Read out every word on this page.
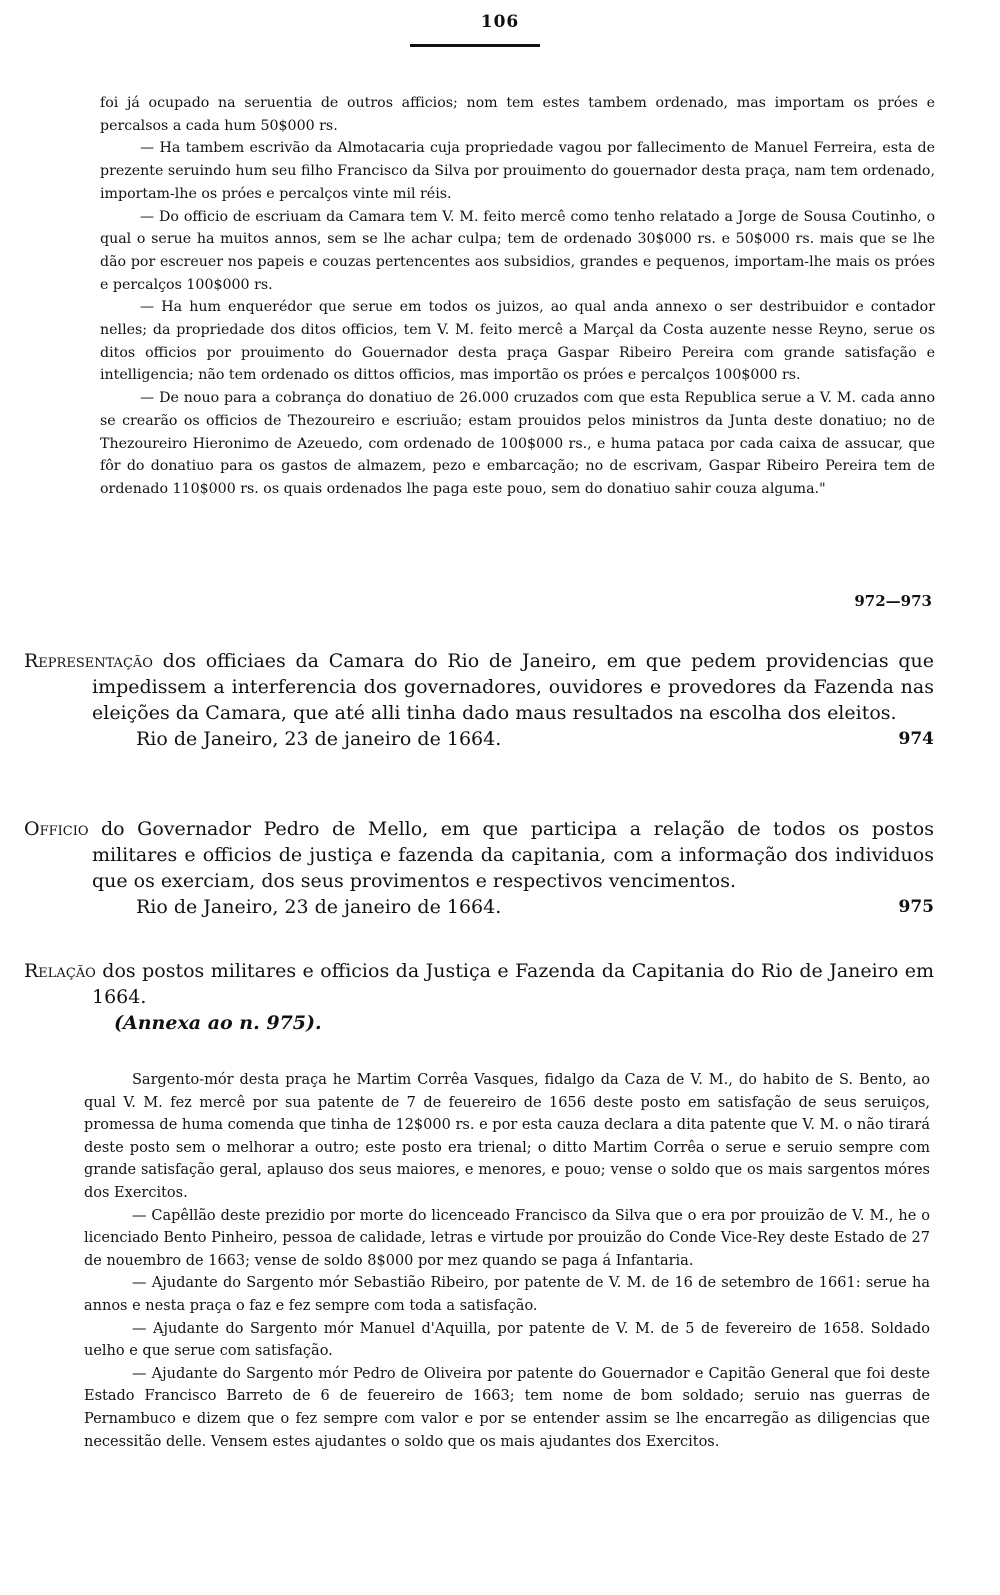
106

foi já ocupado na seruentia de outros afficios; nom tem estes tambem ordenado, mas importam os próes e percalsos a cada hum 50$000 rs.

— Ha tambem escrivão da Almotacaria cuja propriedade vagou por fallecimento de Manuel Ferreira, esta de prezente seruindo hum seu filho Francisco da Silva por prouimento do gouernador desta praça, nam tem ordenado, importam-lhe os próes e percalços vinte mil réis.

— Do officio de escriuam da Camara tem V. M. feito mercê como tenho relatado a Jorge de Sousa Coutinho, o qual o serue ha muitos annos, sem se lhe achar culpa; tem de ordenado 30$000 rs. e 50$000 rs. mais que se lhe dão por escreuer nos papeis e couzas pertencentes aos subsidios, grandes e pequenos, importam-lhe mais os próes e percalços 100$000 rs.

— Ha hum enquerédor que serue em todos os juizos, ao qual anda annexo o ser destribuidor e contador nelles; da propriedade dos ditos officios, tem V. M. feito mercê a Marçal da Costa auzente nesse Reyno, serue os ditos officios por prouimento do Gouernador desta praça Gaspar Ribeiro Pereira com grande satisfação e intelligencia; não tem ordenado os dittos officios, mas importão os próes e percalços 100$000 rs.

— De nouo para a cobrança do donatiuo de 26.000 cruzados com que esta Republica serue a V. M. cada anno se crearão os officios de Thezoureiro e escriuão; estam prouidos pelos ministros da Junta deste donatiuo; no de Thezoureiro Hieronimo de Azeuedo, com ordenado de 100$000 rs., e huma pataca por cada caixa de assucar, que fôr do donatiuo para os gastos de almazem, pezo e embarcação; no de escrivam, Gaspar Ribeiro Pereira tem de ordenado 110$000 rs. os quais ordenados lhe paga este pouo, sem do donatiuo sahir couza alguma."

972—973

Representação dos officiaes da Camara do Rio de Janeiro, em que pedem providencias que impedissem a interferencia dos governadores, ouvidores e provedores da Fazenda nas eleições da Camara, que até alli tinha dado maus resultados na escolha dos eleitos.

Rio de Janeiro, 23 de janeiro de 1664.	974

Officio do Governador Pedro de Mello, em que participa a relação de todos os postos militares e officios de justiça e fazenda da capitania, com a informação dos individuos que os exerciam, dos seus provimentos e respectivos vencimentos.

Rio de Janeiro, 23 de janeiro de 1664.	975

Relação dos postos militares e officios da Justiça e Fazenda da Capitania do Rio de Janeiro em 1664.

(Annexa ao n. 975).

Sargento-mór desta praça he Martim Corrêa Vasques, fidalgo da Caza de V. M., do habito de S. Bento, ao qual V. M. fez mercê por sua patente de 7 de feuereiro de 1656 deste posto em satisfação de seus seruiços, promessa de huma comenda que tinha de 12$000 rs. e por esta cauza declara a dita patente que V. M. o não tirará deste posto sem o melhorar a outro; este posto era trienal; o ditto Martim Corrêa o serue e seruio sempre com grande satisfação geral, aplauso dos seus maiores, e menores, e pouo; vense o soldo que os mais sargentos móres dos Exercitos.

— Capêllão deste prezidio por morte do licenceado Francisco da Silva que o era por prouizão de V. M., he o licenciado Bento Pinheiro, pessoa de calidade, letras e virtude por prouizão do Conde Vice-Rey deste Estado de 27 de nouembro de 1663; vense de soldo 8$000 por mez quando se paga á Infantaria.

— Ajudante do Sargento mór Sebastião Ribeiro, por patente de V. M. de 16 de setembro de 1661: serue ha annos e nesta praça o faz e fez sempre com toda a satisfação.

— Ajudante do Sargento mór Manuel d'Aquilla, por patente de V. M. de 5 de fevereiro de 1658. Soldado uelho e que serue com satisfação.

— Ajudante do Sargento mór Pedro de Oliveira por patente do Gouernador e Capitão General que foi deste Estado Francisco Barreto de 6 de feuereiro de 1663; tem nome de bom soldado; seruio nas guerras de Pernambuco e dizem que o fez sempre com valor e por se entender assim se lhe encarregão as diligencias que necessitão delle. Vensem estes ajudantes o soldo que os mais ajudantes dos Exercitos.
